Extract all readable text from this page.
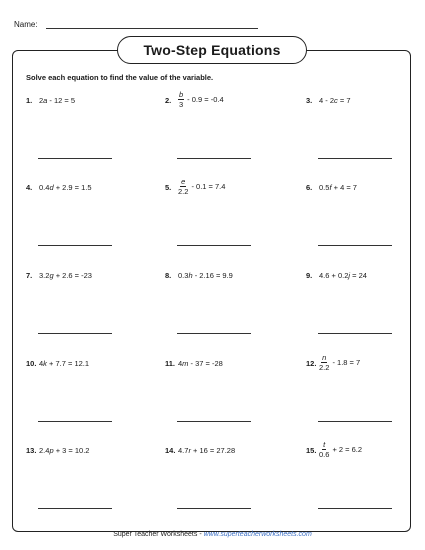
Name:
Two-Step Equations
Solve each equation to find the value of the variable.
1. 2a - 12 = 5	2. $\frac{b}{3} - 0.9 = -0.4$	3. 4 - 2c = 7
4. 0.4d + 2.9 = 1.5	5. $\frac{e}{2.2} - 0.1 = 7.4$	6. 0.5f + 4 = 7
7. 3.2g + 2.6 = -23	8. 0.3h - 2.16 = 9.9	9. 4.6 + 0.2j = 24
10. 4k + 7.7 = 12.1	11. 4m - 37 = -28	12. $\frac{n}{2.2} - 1.8 = 7$
13. 2.4p + 3 = 10.2	14. 4.7r + 16 = 27.28	15. $\frac{t}{0.6} + 2 = 6.2$
Super Teacher Worksheets - www.superteacherworksheets.com
